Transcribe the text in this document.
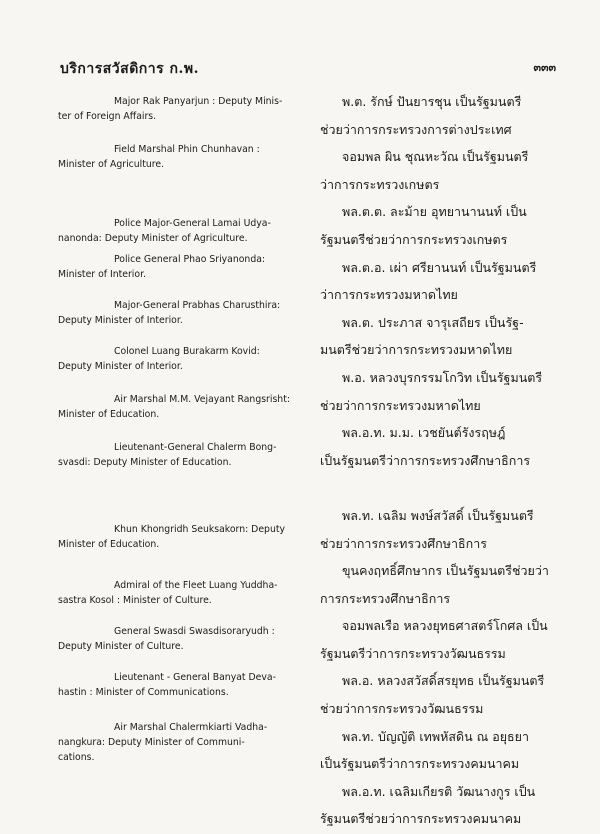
บริการสวัสดิการ ก.พ.	๓๓๓
Major Rak Panyarjun : Deputy Minis-
ter of Foreign Affairs.
Field Marshal Phin Chunhavan :
Minister of Agriculture.
Police Major-General Lamai Udya-
nanonda: Deputy Minister of Agriculture.
Police General Phao Sriyanonda:
Minister of Interior.
Major-General Prabhas Charusthira:
Deputy Minister of Interior.
Colonel Luang Burakarm Kovid:
Deputy Minister of Interior.
Air Marshal M.M. Vejayant Rangsrisht:
Minister of Education.
Lieutenant-General Chalerm Bong-
svasdi: Deputy Minister of Education.
Khun Khongridh Seuksakorn: Deputy
Minister of Education.
Admiral of the Fleet Luang Yuddha-
sastra Kosol : Minister of Culture.
General Swasdi Swasdisoraryudh :
Deputy Minister of Culture.
Lieutenant - General Banyat Deva-
hastin : Minister of Communications.
Air Marshal Chalermkiarti Vadha-
nangkura: Deputy Minister of Communi-
cations.
พ.ต. รักษ์ ปันยารชุน เป็นรัฐมนตรี
ช่วยว่าการกระทรวงการต่างประเทศ
จอมพล ผิน ชุณหะวัณ เป็นรัฐมนตรี
ว่าการกระทรวงเกษตร
พล.ต.ต. ละม้าย อุทยานานนท์ เป็น
รัฐมนตรีช่วยว่าการกระทรวงเกษตร
พล.ต.อ. เผ่า ศรียานนท์ เป็นรัฐมนตรี
ว่าการกระทรวงมหาดไทย
พล.ต. ประภาส จารุเสถียร เป็นรัฐ-
มนตรีช่วยว่าการกระทรวงมหาดไทย
พ.อ. หลวงบุรกรรมโกวิท เป็นรัฐมนตรี
ช่วยว่าการกระทรวงมหาดไทย
พล.อ.ท. ม.ม. เวชยันต์รังรฤษฎ์
เป็นรัฐมนตรีว่าการกระทรวงศึกษาธิการ
พล.ท. เฉลิม พงษ์สวัสดิ์ เป็นรัฐมนตรี
ช่วยว่าการกระทรวงศึกษาธิการ
ขุนคงฤทธิ์ศึกษากร เป็นรัฐมนตรีช่วยว่า
การกระทรวงศึกษาธิการ
จอมพลเรือ หลวงยุทธศาสตร์โกศล เป็น
รัฐมนตรีว่าการกระทรวงวัฒนธรรม
พล.อ. หลวงสวัสดิ์สรยุทธ เป็นรัฐมนตรี
ช่วยว่าการกระทรวงวัฒนธรรม
พล.ท. บัญญัติ เทพหัสดิน ณ อยุธยา
เป็นรัฐมนตรีว่าการกระทรวงคมนาคม
พล.อ.ท. เฉลิมเกียรติ วัฒนางกูร เป็น
รัฐมนตรีช่วยว่าการกระทรวงคมนาคม
